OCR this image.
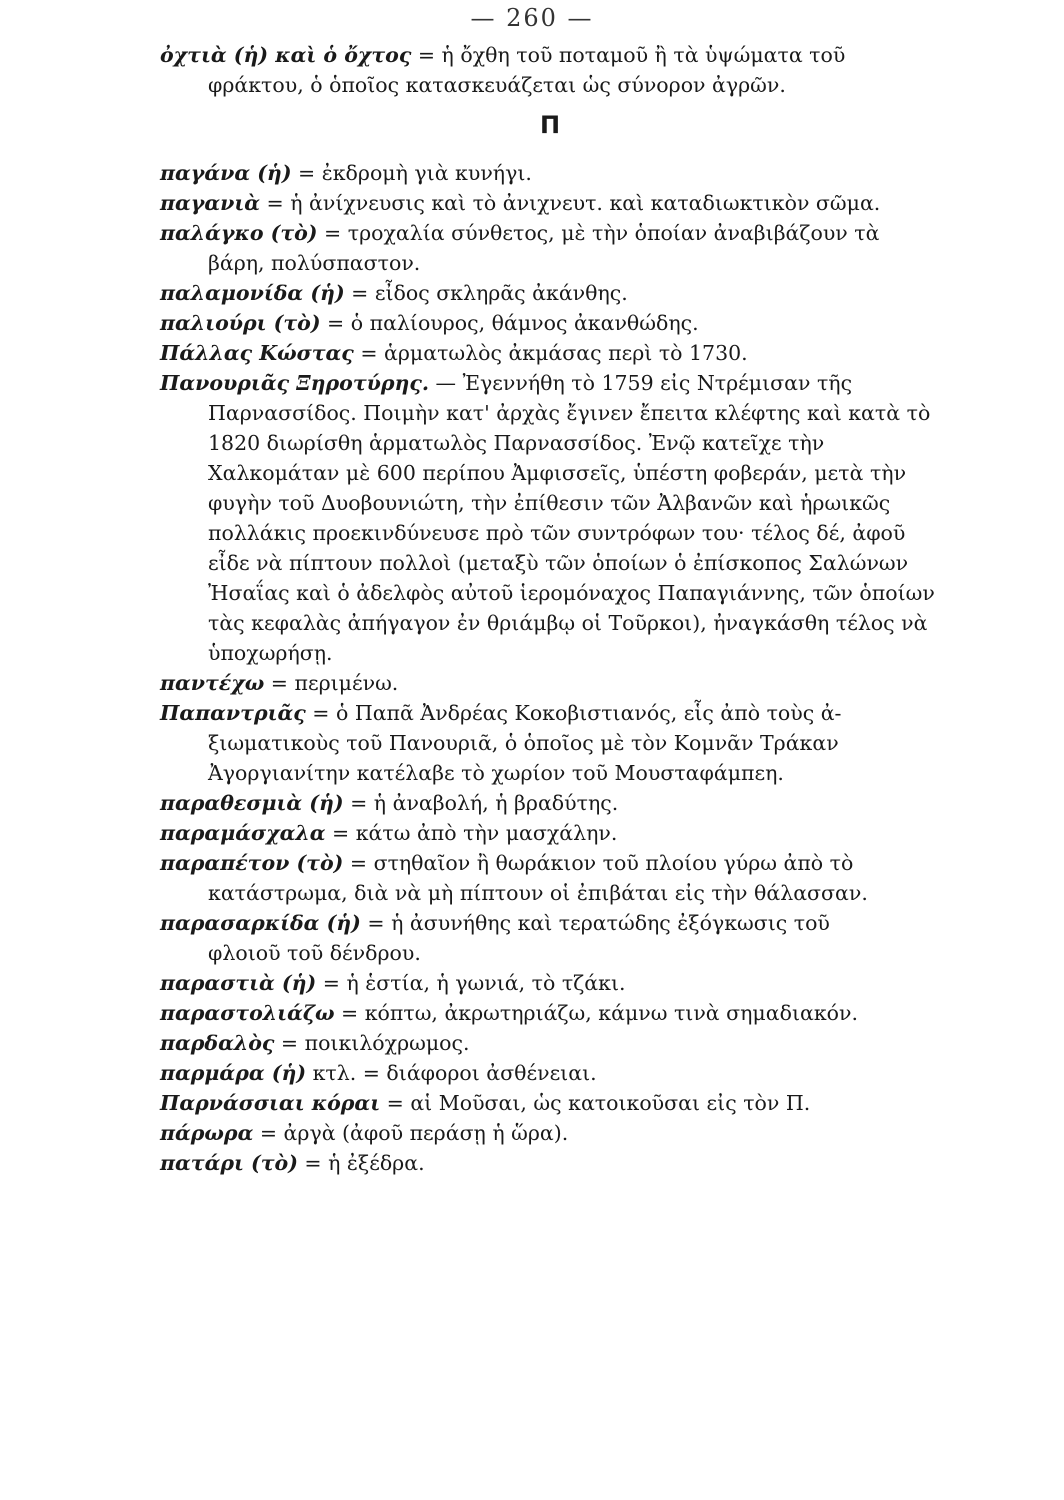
— 260 —
ὀχτιὰ (ἡ) καὶ ὁ ὄχτος = ἡ ὄχθη τοῦ ποταμοῦ ἢ τὰ ὑψώματα τοῦ
φράκτου, ὁ ὁποῖος κατασκευάζεται ὡς σύνορον ἀγρῶν.
Π
παγάνα (ἡ) = ἐκδρομὴ γιὰ κυνήγι.
παγανιὰ = ἡ ἀνίχνευσις καὶ τὸ ἀνιχνευτ. καὶ καταδιωκτικὸν σῶμα.
παλάγκο (τὸ) = τροχαλία σύνθετος, μὲ τὴν ὁποίαν ἀναβιβάζουν τὰ
βάρη, πολύσπαστον.
παλαμονίδα (ἡ) = εἶδος σκληρᾶς ἀκάνθης.
παλιούρι (τὸ) = ὁ παλίουρος, θάμνος ἀκανθώδης.
Πάλλας Κώστας = ἁρματωλὸς ἀκμάσας περὶ τὸ 1730.
Πανουριᾶς Ξηροτύρης. — Ἐγεννήθη τὸ 1759 εἰς Ντρέμισαν τῆς
Παρνασσίδος. Ποιμὴν κατ' ἀρχὰς ἔγινεν ἔπειτα κλέφτης καὶ κατὰ τὸ 1820 διωρίσθη ἁρματωλὸς Παρνασσίδος. Ἐνῷ κατεῖχε τὴν Χαλκομάταν μὲ 600 περίπου Ἀμφισσεῖς, ὑπέστη φοβεράν, μετὰ τὴν φυγὴν τοῦ Δυοβουνιώτη, τὴν ἐπίθεσιν τῶν Ἀλβανῶν καὶ ἡρωικῶς πολλάκις προεκινδύνευσε πρὸ τῶν συντρόφων του· τέλος δέ, ἀφοῦ εἶδε νὰ πίπτουν πολλοὶ (μεταξὺ τῶν ὁποίων ὁ ἐπίσκοπος Σαλώνων Ἠσαΐας καὶ ὁ ἀδελφὸς αὐτοῦ ἱερομόναχος Παπαγιάννης, τῶν ὁποίων τὰς κεφαλὰς ἀπήγαγον ἐν θριάμβῳ οἱ Τοῦρκοι), ἠναγκάσθη τέλος νὰ ὑποχωρήσῃ.
παντέχω = περιμένω.
Παπαντριᾶς = ὁ Παπᾶ Ἀνδρέας Κοκοβιστιανός, εἷς ἀπὸ τοὺς ἀ-
ξιωματικοὺς τοῦ Πανουριᾶ, ὁ ὁποῖος μὲ τὸν Κομνᾶν Τράκαν Ἀγοργιανίτην κατέλαβε τὸ χωρίον τοῦ Μουσταφάμπεη.
παραθεσμιὰ (ἡ) = ἡ ἀναβολή, ἡ βραδύτης.
παραμάσχαλα = κάτω ἀπὸ τὴν μασχάλην.
παραπέτον (τὸ) = στηθαῖον ἢ θωράκιον τοῦ πλοίου γύρω ἀπὸ τὸ
κατάστρωμα, διὰ νὰ μὴ πίπτουν οἱ ἐπιβάται εἰς τὴν θάλασσαν.
παρασαρκίδα (ἡ) = ἡ ἀσυνήθης καὶ τερατώδης ἐξόγκωσις τοῦ
φλοιοῦ τοῦ δένδρου.
παραστιὰ (ἡ) = ἡ ἑστία, ἡ γωνιά, τὸ τζάκι.
παραστολιάζω = κόπτω, ἀκρωτηριάζω, κάμνω τινὰ σημαδιακόν.
παρδαλὸς = ποικιλόχρωμος.
παρμάρα (ἡ) κτλ. = διάφοροι ἀσθένειαι.
Παρνάσσιαι κόραι = αἱ Μοῦσαι, ὡς κατοικοῦσαι εἰς τὸν Π.
πάρωρα = ἀργὰ (ἀφοῦ περάσῃ ἡ ὥρα).
πατάρι (τὸ) = ἡ ἐξέδρα.
